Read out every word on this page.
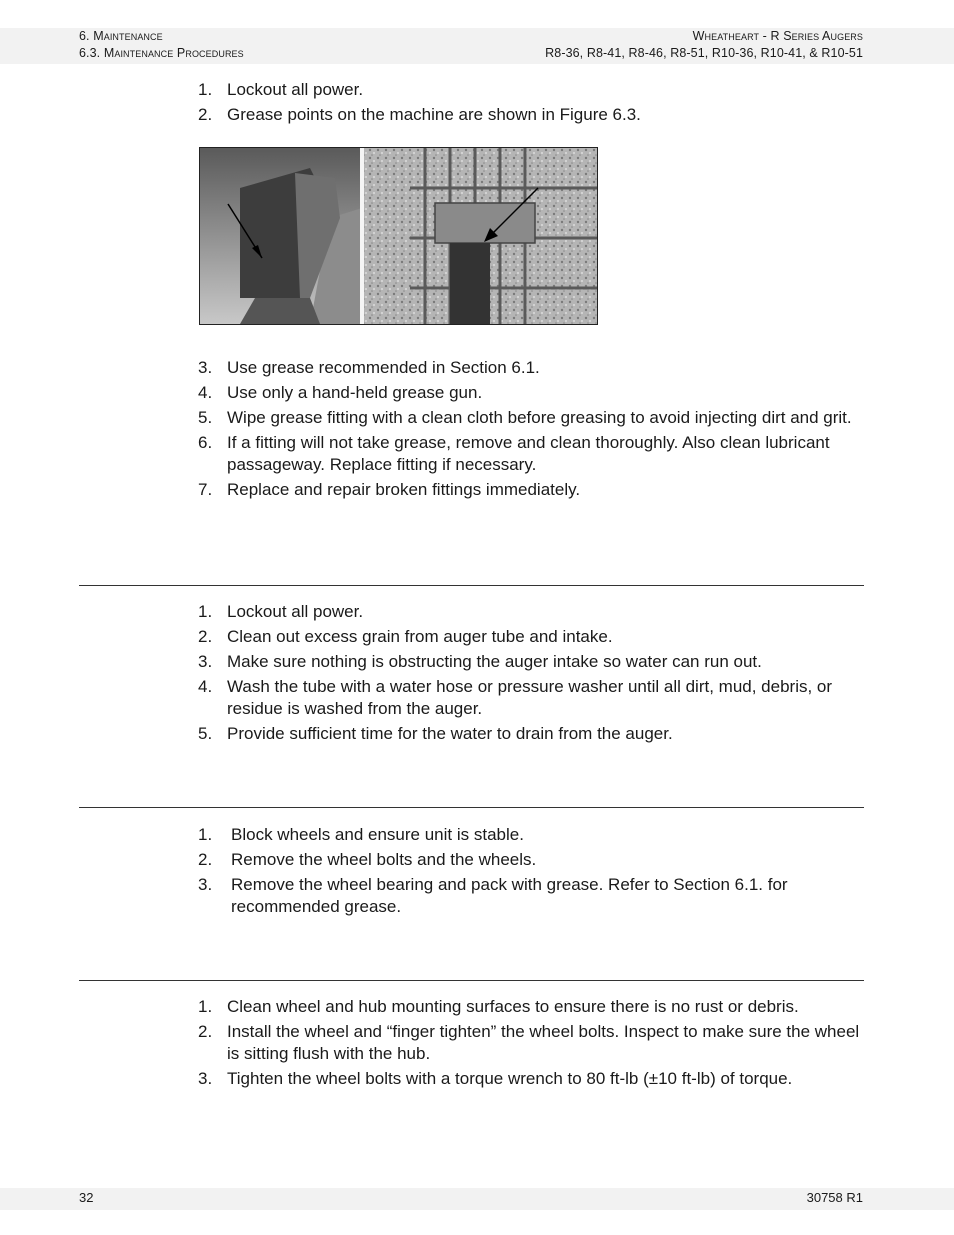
6. Maintenance
6.3. Maintenance Procedures
Wheatheart - R Series Augers
R8-36, R8-41, R8-46, R8-51, R10-36, R10-41, & R10-51
1. Lockout all power.
2. Grease points on the machine are shown in Figure 6.3.
3. Use grease recommended in Section 6.1.
4. Use only a hand-held grease gun.
5. Wipe grease fitting with a clean cloth before greasing to avoid injecting dirt and grit.
6. If a fitting will not take grease, remove and clean thoroughly. Also clean lubricant passageway. Replace fitting if necessary.
7. Replace and repair broken fittings immediately.
1. Lockout all power.
2. Clean out excess grain from auger tube and intake.
3. Make sure nothing is obstructing the auger intake so water can run out.
4. Wash the tube with a water hose or pressure washer until all dirt, mud, debris, or residue is washed from the auger.
5. Provide sufficient time for the water to drain from the auger.
1. Block wheels and ensure unit is stable.
2. Remove the wheel bolts and the wheels.
3. Remove the wheel bearing and pack with grease. Refer to Section 6.1. for recommended grease.
1. Clean wheel and hub mounting surfaces to ensure there is no rust or debris.
2. Install the wheel and “finger tighten” the wheel bolts. Inspect to make sure the wheel is sitting flush with the hub.
3. Tighten the wheel bolts with a torque wrench to 80 ft-lb (±10 ft-lb) of torque.
32	30758 R1
